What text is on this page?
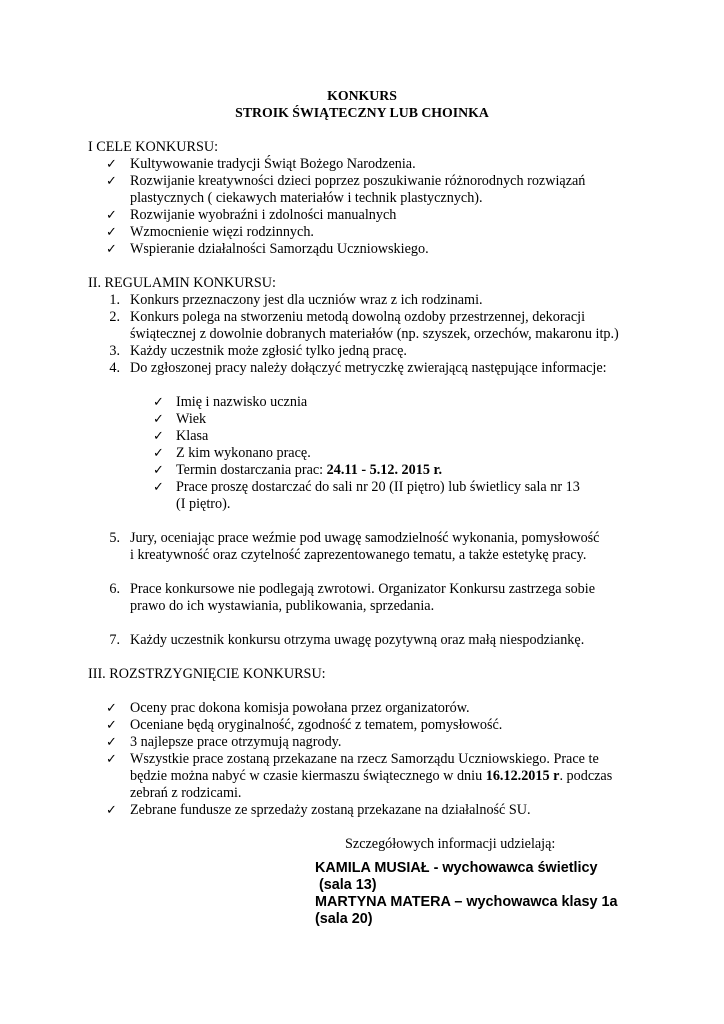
KONKURS
STROIK ŚWIĄTECZNY LUB CHOINKA
I CELE KONKURSU:
✓ Kultywowanie tradycji Świąt Bożego Narodzenia.
✓ Rozwijanie kreatywności dzieci poprzez poszukiwanie różnorodnych rozwiązań
plastycznych ( ciekawych materiałów i technik plastycznych).
✓ Rozwijanie wyobraźni i zdolności manualnych
✓ Wzmocnienie więzi rodzinnych.
✓ Wspieranie działalności Samorządu Uczniowskiego.
II. REGULAMIN KONKURSU:
1. Konkurs przeznaczony jest dla uczniów wraz z ich rodzinami.
2. Konkurs polega na stworzeniu metodą dowolną ozdoby przestrzennej, dekoracji
świątecznej z dowolnie dobranych materiałów (np. szyszek, orzechów, makaronu itp.)
3. Każdy uczestnik może zgłosić tylko jedną pracę.
4. Do zgłoszonej pracy należy dołączyć metryczkę zwierającą następujące informacje:
✓ Imię i nazwisko ucznia
✓ Wiek
✓ Klasa
✓ Z kim wykonano pracę.
✓ Termin dostarczania prac: 24.11 - 5.12. 2015 r.
✓ Prace proszę dostarczać do sali nr 20 (II piętro) lub świetlicy sala nr 13
(I piętro).
5. Jury, oceniając prace weźmie pod uwagę samodzielność wykonania, pomysłowość
i kreatywność oraz czytelność zaprezentowanego tematu, a także estetykę pracy.
6. Prace konkursowe nie podlegają zwrotowi. Organizator Konkursu zastrzega sobie
prawo do ich wystawiania, publikowania, sprzedania.
7. Każdy uczestnik konkursu otrzyma uwagę pozytywną oraz małą niespodziankę.
III. ROZSTRZYGNIĘCIE KONKURSU:
✓ Oceny prac dokona komisja powołana przez organizatorów.
✓ Oceniane będą oryginalność, zgodność z tematem, pomysłowość.
✓ 3 najlepsze prace otrzymują nagrody.
✓ Wszystkie prace zostaną przekazane na rzecz Samorządu Uczniowskiego. Prace te
będzie można nabyć w czasie kiermaszu świątecznego w dniu 16.12.2015 r. podczas
zebrań z rodzicami.
✓ Zebrane fundusze ze sprzedaży zostaną przekazane na działalność SU.
Szczegółowych informacji udzielają:
KAMILA MUSIAŁ - wychowawca świetlicy
(sala 13)
MARTYNA MATERA – wychowawca klasy 1a
(sala 20)
